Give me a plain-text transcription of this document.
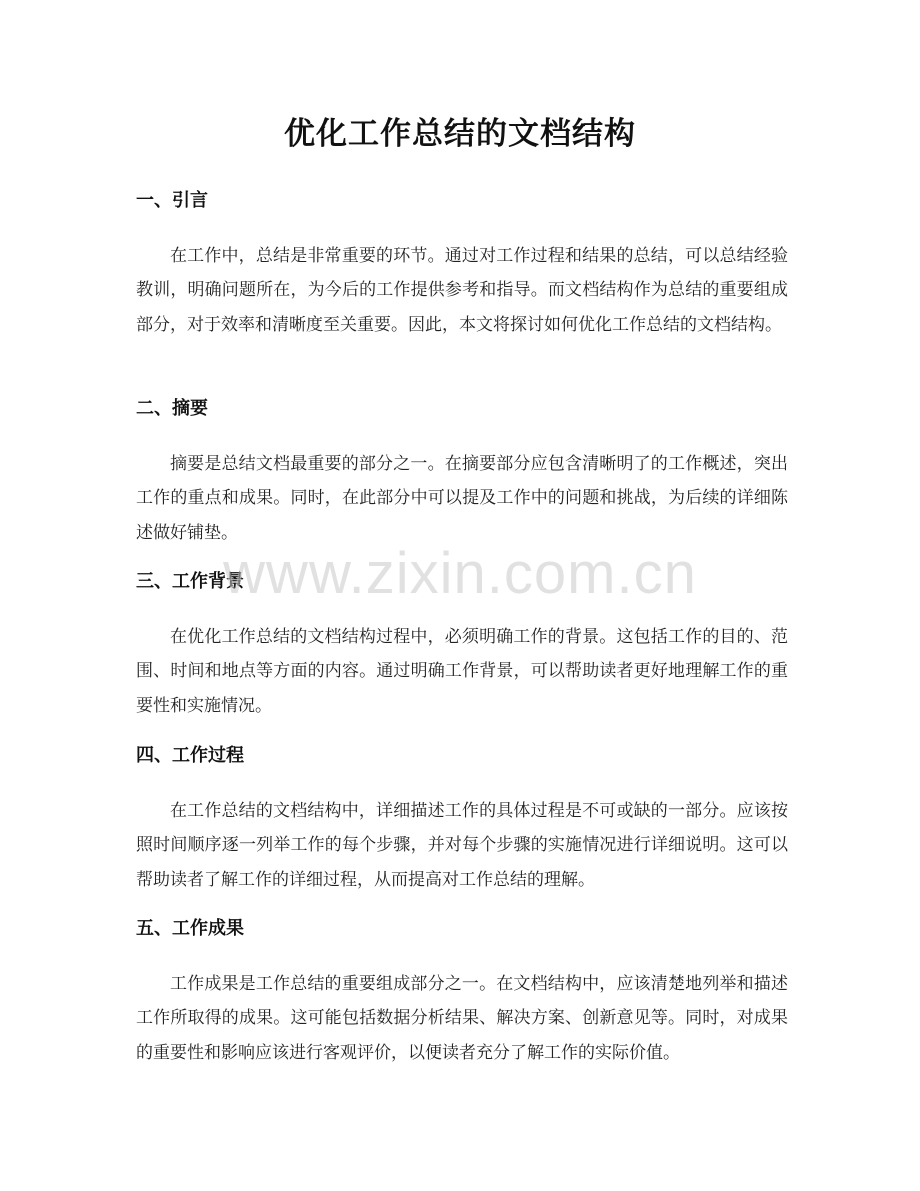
优化工作总结的文档结构
一、引言

在工作中，总结是非常重要的环节。通过对工作过程和结果的总结，可以总结经验教训，明确问题所在，为今后的工作提供参考和指导。而文档结构作为总结的重要组成部分，对于效率和清晰度至关重要。因此，本文将探讨如何优化工作总结的文档结构。

二、摘要

摘要是总结文档最重要的部分之一。在摘要部分应包含清晰明了的工作概述，突出工作的重点和成果。同时，在此部分中可以提及工作中的问题和挑战，为后续的详细陈述做好铺垫。

三、工作背景

在优化工作总结的文档结构过程中，必须明确工作的背景。这包括工作的目的、范围、时间和地点等方面的内容。通过明确工作背景，可以帮助读者更好地理解工作的重要性和实施情况。

四、工作过程

在工作总结的文档结构中，详细描述工作的具体过程是不可或缺的一部分。应该按照时间顺序逐一列举工作的每个步骤，并对每个步骤的实施情况进行详细说明。这可以帮助读者了解工作的详细过程，从而提高对工作总结的理解。

五、工作成果

工作成果是工作总结的重要组成部分之一。在文档结构中，应该清楚地列举和描述工作所取得的成果。这可能包括数据分析结果、解决方案、创新意见等。同时，对成果的重要性和影响应该进行客观评价，以便读者充分了解工作的实际价值。

www.zixin.com.cn
